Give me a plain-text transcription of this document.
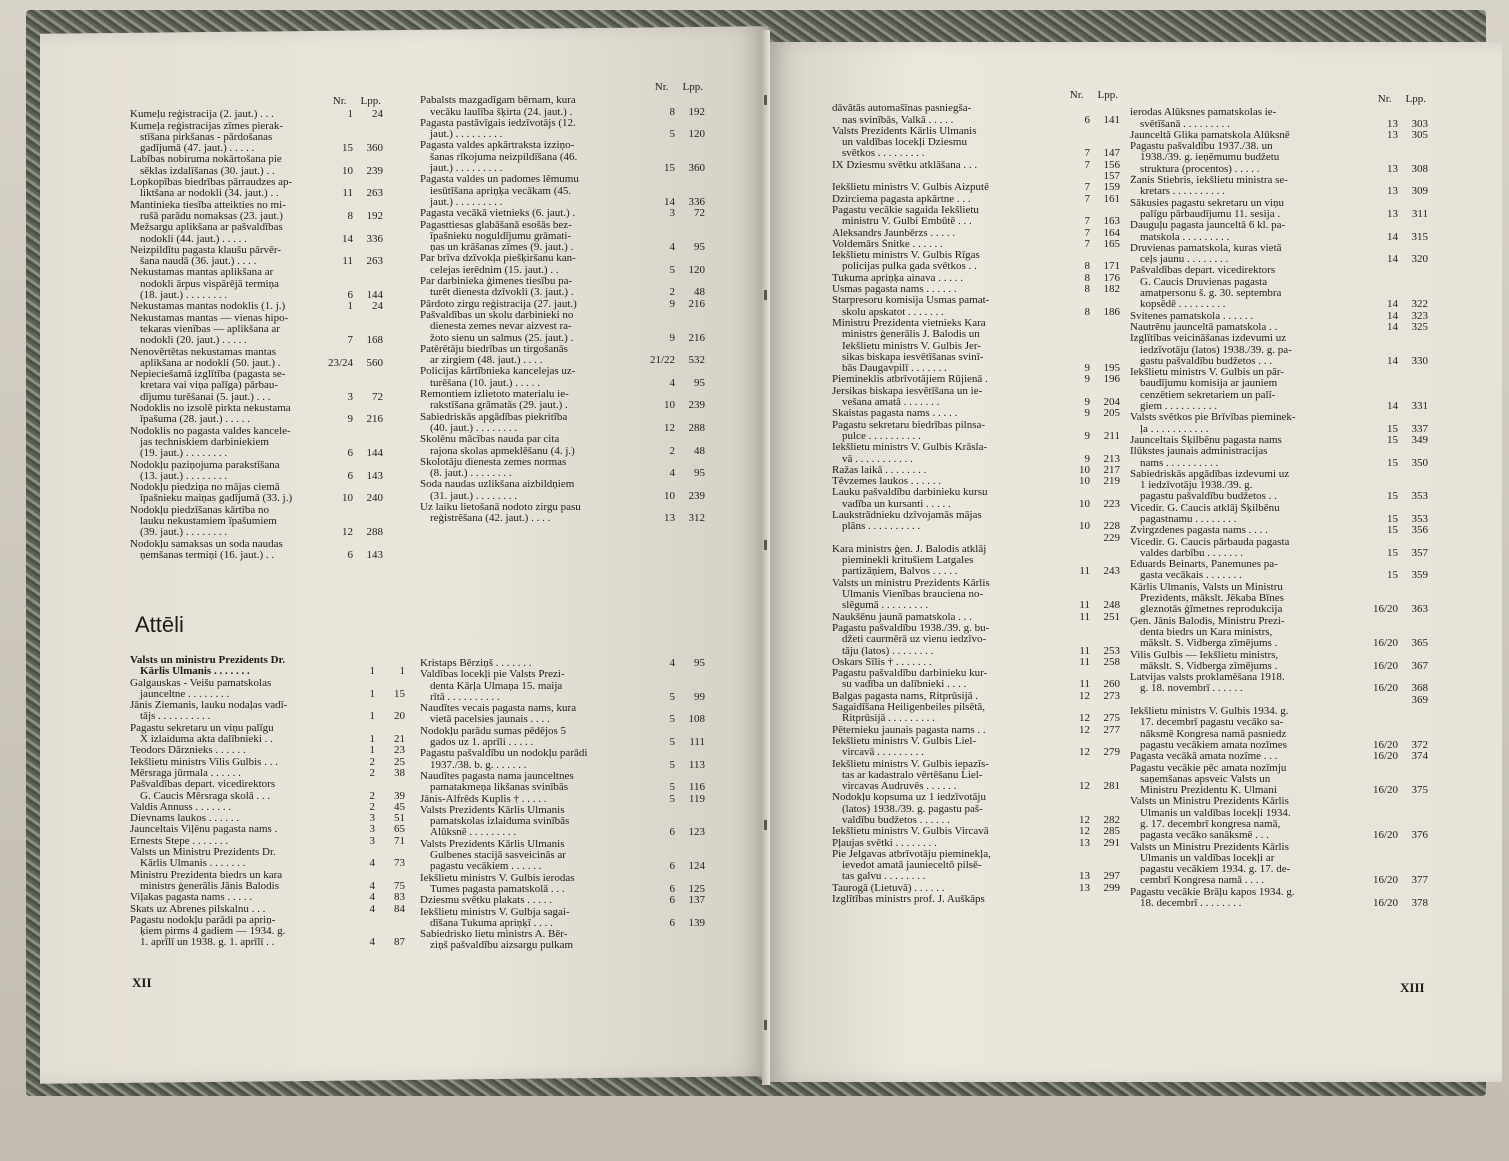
Nr. Lpp.
Kumeļu reģistracija (2. jaut.) . . .	1	24
Kumeļa reģistracijas zīmes pierak-
stīšana pirkšanas - pārdošanas
gadījumā (47. jaut.) . . . . .	15	360
Labības nobiruma nokārtošana pie
sēklas izdalīšanas (30. jaut.) . .	10	239
Lopkopības biedrības pārraudzes ap-
liktšana ar nodokli (34. jaut.) . .	11	263
Mantinieka tiesība atteikties no mi-
rušā parādu nomaksas (23. jaut.)	8	192
Mežsargu aplikšana ar pašvaldības
nodokli (44. jaut.) . . . . .	14	336
Neizpildītu pagasta klaušu pārvēr-
šana naudā (36. jaut.) . . . .	11	263
Nekustamas mantas aplikšana ar
nodokli ārpus vispārējā termiņa
(18. jaut.) . . . . . . . .	6	144
Nekustamas mantas nodoklis (1. j.)	1	24
Nekustamas mantas — vienas hipo-
tekaras vienības — aplikšana ar
nodokli (20. jaut.) . . . . .	7	168
Nenovērtētas nekustamas mantas
aplikšana ar nodokli (50. jaut.) .	23/24	560
Nepieciešamā izglītība (pagasta se-
kretara vai viņa palīga) pārbau-
dījumu turēšanai (5. jaut.) . . .	3	72
Nodoklis no izsolē pirkta nekustama
īpašuma (28. jaut.) . . . . .	9	216
Nodoklis no pagasta valdes kancele-
jas techniskiem darbiniekiem
(19. jaut.) . . . . . . . .	6	144
Nodokļu paziņojuma parakstīšana
(13. jaut.) . . . . . . . .	6	143
Nodokļu piedziņa no mājas ciemā
īpašnieku maiņas gadījumā (33. j.)	10	240
Nodokļu piedzīšanas kārtība no
lauku nekustamiem īpašumiem
(39. jaut.) . . . . . . . .	12	288
Nodokļu samaksas un soda naudas
ņemšanas termiņi (16. jaut.) . .	6	143
Nr. Lpp.
Pabalsts mazgadīgam bērnam, kura
vecāku laulība šķirta (24. jaut.) .	8	192
Pagasta pastāvīgais iedzīvotājs (12.
jaut.) . . . . . . . . .	5	120
Pagasta valdes apkārtraksta izziņo-
šanas rīkojuma neizpildīšana (46.
jaut.) . . . . . . . . .	15	360
Pagasta valdes un padomes lēmumu
iesūtīšana apriņķa vecākam (45.
jaut.) . . . . . . . . .	14	336
Pagasta vecākā vietnieks (6. jaut.) .	3	72
Pagasttiesas glabāšanā esošās bez-
īpašnieku noguldījumu grāmati-
ņas un krāšanas zīmes (9. jaut.) .	4	95
Par brīva dzīvokļa piešķiršanu kan-
celejas ierēdnim (15. jaut.) . .	5	120
Par darbinieka ģimenes tiesību pa-
turēt dienesta dzīvokli (3. jaut.) .	2	48
Pārdoto zirgu reģistracija (27. jaut.)	9	216
Pašvaldības un skolu darbinieki no
dienesta zemes nevar aizvest ra-
žoto sienu un salmus (25. jaut.) .	9	216
Patērētāju biedrības un tirgošanās
ar zirgiem (48. jaut.) . . . .	21/22	532
Policijas kārtībnieka kancelejas uz-
turēšana (10. jaut.) . . . . .	4	95
Remontiem izlietoto materialu ie-
rakstīšana grāmatās (29. jaut.) .	10	239
Sabiedriskās apgādības piekritība
(40. jaut.) . . . . . . . .	12	288
Skolēnu mācības nauda par cita
rajona skolas apmeklēšanu (4. j.)	2	48
Skolotāju dienesta zemes normas
(8. jaut.) . . . . . . . .	4	95
Soda naudas uzlikšana aizbildņiem
(31. jaut.) . . . . . . . .	10	239
Uz laiku lietošanā nodoto zirgu pasu
reģistrēšana (42. jaut.) . . . .	13	312
Attēli
Valsts un ministru Prezidents Dr.
Kārlis Ulmanis . . . . . . .	1	1
Galgauskas - Veišu pamatskolas
jaunceltne . . . . . . . .	1	15
Jānis Ziemanis, lauku nodaļas vadī-
tājs . . . . . . . . . .	1	20
Pagastu sekretaru un viņu palīgu
X izlaiduma akta dalībnieki . .	1	21
Teodors Dārznieks . . . . . .	1	23
Iekšlietu ministrs Vilis Gulbis . . .	2	25
Mērsraga jūrmala . . . . . .	2	38
Pašvaldības depart. vicedirektors
G. Caucis Mērsraga skolā . . .	2	39
Valdis Annuss . . . . . . .	2	45
Dievnams laukos . . . . . .	3	51
Jaunceltais Viļēnu pagasta nams .	3	65
Ernests Stepe . . . . . . .	3	71
Valsts un Ministru Prezidents Dr.
Kārlis Ulmanis . . . . . . .	4	73
Ministru Prezidenta biedrs un kara
ministrs ģenerālis Jānis Balodis	4	75
Viļakas pagasta nams . . . . .	4	83
Skats uz Abrenes pilskalnu . . .	4	84
Pagastu nodokļu parādi pa apriņ-
ķiem pirms 4 gadiem — 1934. g.
1. aprīlī un 1938. g. 1. aprīlī . .	4	87
Kristaps Bērziņš . . . . . . .	4	95
Valdības locekļi pie Valsts Prezi-
denta Kārļa Ulmaņa 15. maija
rītā . . . . . . . . . .	5	99
Naudītes vecais pagasta nams, kura
vietā pacelsies jaunais . . . .	5	108
Nodokļu parādu sumas pēdējos 5
gados uz 1. aprīli . . . . .	5	111
Pagastu pašvaldību un nodokļu parādi
1937./38. b. g. . . . . . .	5	113
Naudītes pagasta nama jaunceltnes
pamatakmeņa likšanas svinībās	5	116
Jānis-Alfrēds Kuplis † . . . . .	5	119
Valsts Prezidents Kārlis Ulmanis
pamatskolas izlaiduma svinībās
Alūksnē . . . . . . . . .	6	123
Valsts Prezidents Kārlis Ulmanis
Gulbenes stacijā sasveicinās ar
pagastu vecākiem . . . . . .	6	124
Iekšlietu ministrs V. Gulbis ierodas
Tumes pagasta pamatskolā . . .	6	125
Dziesmu svētku plakats . . . . .	6	137
Iekšlietu ministrs V. Gulbja sagai-
dīšana Tukuma apriņķī . . . .	6	139
Sabiedrisko lietu ministrs A. Bēr-
ziņš pašvaldību aizsargu pulkam
Nr. Lpp.
dāvātās automašīnas pasniegša-
nas svinībās, Valkā . . . . .	6	141
Valsts Prezidents Kārlis Ulmanis
un valdības locekļi Dziesmu
svētkos . . . . . . . . .	7	147
IX Dziesmu svētku atklāšana . . .	7	156
157
Iekšlietu ministrs V. Gulbis Aizputē	7	159
Dzirciema pagasta apkārtne . . .	7	161
Pagastu vecākie sagaida Iekšlietu
ministru V. Gulbi Embūtē . . .	7	163
Aleksandrs Jaunbērzs . . . . .	7	164
Voldemārs Šnitke . . . . . .	7	165
Iekšlietu ministrs V. Gulbis Rīgas
policijas pulka gada svētkos . .	8	171
Tukuma apriņķa ainava . . . . .	8	176
Usmas pagasta nams . . . . . .	8	182
Starpresoru komisija Usmas pamat-
skolu apskatot . . . . . . .	8	186
Ministru Prezidenta vietnieks Kara
ministrs ģenerālis J. Balodis un
Iekšlietu ministrs V. Gulbis Jer-
sikas biskapa iesvētīšanas svinī-
bās Daugavpilī . . . . . . .	9	195
Piemineklis atbrīvotājiem Rūjienā .	9	196
Jersikas biskapa iesvētīšana un ie-
vešana amatā . . . . . . .	9	204
Skaistas pagasta nams . . . . .	9	205
Pagastu sekretaru biedrības pilnsa-
pulce . . . . . . . . . .	9	211
Iekšlietu ministrs V. Gulbis Krāsla-
vā . . . . . . . . . . .	9	213
Ražas laikā . . . . . . . .	10	217
Tēvzemes laukos . . . . . .	10	219
Lauku pašvaldību darbinieku kursu
vadība un kursanti . . . . .	10	223
Laukstrādnieku dzīvojamās mājas
plāns . . . . . . . . . .	10	228
229
Kara ministrs ģen. J. Balodis atklāj
pieminekli kritušiem Latgales
partizāņiem, Balvos . . . . .	11	243
Valsts un ministru Prezidents Kārlis
Ulmanis Vienības brauciena no-
slēgumā . . . . . . . . .	11	248
Naukšēnu jaunā pamatskola . . .	11	251
Pagastu pašvaldību 1938./39. g. bu-
džeti caurmērā uz vienu iedzīvo-
tāju (latos) . . . . . . . .	11	253
Oskars Sīlis † . . . . . . .	11	258
Pagastu pašvaldību darbinieku kur-
su vadība un dalībnieki . . . .	11	260
Balgas pagasta nams, Ritprūsijā .	12	273
Sagaidīšana Heiligenbeiles pilsētā,
Ritprūsijā . . . . . . . . .	12	275
Pēternieku jaunais pagasta nams . .	12	277
Iekšlietu ministrs V. Gulbis Liel-
vircavā . . . . . . . . .	12	279
Iekšlietu ministrs V. Gulbis iepazīs-
tas ar kadastralo vērtēšanu Liel-
vircavas Audruvēs . . . . . .	12	281
Nodokļu kopsuma uz 1 iedzīvotāju
(latos) 1938./39. g. pagastu paš-
valdību budžetos . . . . . .	12	282
Iekšlietu ministrs V. Gulbis Vircavā	12	285
Pļaujas svētki . . . . . . . .	13	291
Pie Jelgavas atbrīvotāju pieminekļa,
ievedot amatā jaunieceltō pilsē-
tas galvu . . . . . . . .	13	297
Taurogā (Lietuvā) . . . . . .	13	299
Izglītības ministrs prof. J. Auškāps
Nr. Lpp.
ierodas Alūksnes pamatskolas ie-
svētīšanā . . . . . . . . .	13	303
Jaunceltā Glika pamatskola Alūksnē	13	305
Pagastu pašvaldību 1937./38. un
1938./39. g. ieņēmumu budžetu
struktura (procentos) . . . . .	13	308
Žanis Stiebris, iekšlietu ministra se-
kretars . . . . . . . . . .	13	309
Sākusies pagastu sekretaru un viņu
palīgu pārbaudījumu 11. sesija .	13	311
Dauguļu pagasta jaunceltā 6 kl. pa-
matskola . . . . . . . . .	14	315
Druvienas pamatskola, kuras vietā
ceļs jaunu . . . . . . . .	14	320
Pašvaldības depart. vicedirektors
G. Caucis Druvienas pagasta
amatpersonu š. g. 30. septembra
kopsēdē . . . . . . . . .	14	322
Svitenes pamatskola . . . . . .	14	323
Nautrēnu jaunceltā pamatskola . .	14	325
Izglītības veicināšanas izdevumi uz
iedzīvotāju (latos) 1938./39. g. pa-
gastu pašvaldību budžetos . . .	14	330
Iekšlietu ministrs V. Gulbis un pār-
baudījumu komisija ar jauniem
cenzētiem sekretariem un palī-
giem . . . . . . . . . .	14	331
Valsts svētkos pie Brīvības pieminek-
ļa . . . . . . . . . . .	15	337
Jaunceltais Šķilbēnu pagasta nams	15	349
Ilūkstes jaunais administracijas
nams . . . . . . . . . .	15	350
Sabiedriskās apgādības izdevumi uz
1 iedzīvotāju 1938./39. g.
pagastu pašvaldību budžetos . .	15	353
Vicedir. G. Caucis atklāj Šķilbēnu
pagastnamu . . . . . . . .	15	353
Zvirgzdenes pagasta nams . . . .	15	356
Vicedir. G. Caucis pārbauda pagasta
valdes darbību . . . . . . .	15	357
Eduards Beinarts, Panemunes pa-
gasta vecākais . . . . . . .	15	359
Kārlis Ulmanis, Valsts un Ministru
Prezidents, mākslt. Jēkaba Bīnes
gleznotās ģīmetnes reprodukcija	16/20	363
Ģen. Jānis Balodis, Ministru Prezi-
denta biedrs un Kara ministrs,
mākslt. S. Vidberga zīmējums .	16/20	365
Vilis Gulbis — Iekšlietu ministrs,
mākslt. S. Vidberga zīmējums .	16/20	367
Latvijas valsts proklamēšana 1918.
g. 18. novembrī . . . . . .	16/20	368
369
Iekšlietu ministrs V. Gulbis 1934. g.
17. decembrī pagastu vecāko sa-
nāksmē Kongresa namā pasniedz
pagastu vecākiem amata nozīmes	16/20	372
Pagasta vecākā amata nozīme . . .	16/20	374
Pagastu vecākie pēc amata nozīmju
saņemšanas apsveic Valsts un
Ministru Prezidentu K. Ulmani	16/20	375
Valsts un Ministru Prezidents Kārlis
Ulmanis un valdības locekļi 1934.
g. 17. decembrī kongresa namā,
pagasta vecāko sanāksmē . . .	16/20	376
Valsts un Ministru Prezidents Kārlis
Ulmanis un valdības locekļi ar
pagastu vecākiem 1934. g. 17. de-
cembrī Kongresa namā . . . .	16/20	377
Pagastu vecākie Brāļu kapos 1934. g.
18. decembrī . . . . . . . .	16/20	378
XII	XIII
